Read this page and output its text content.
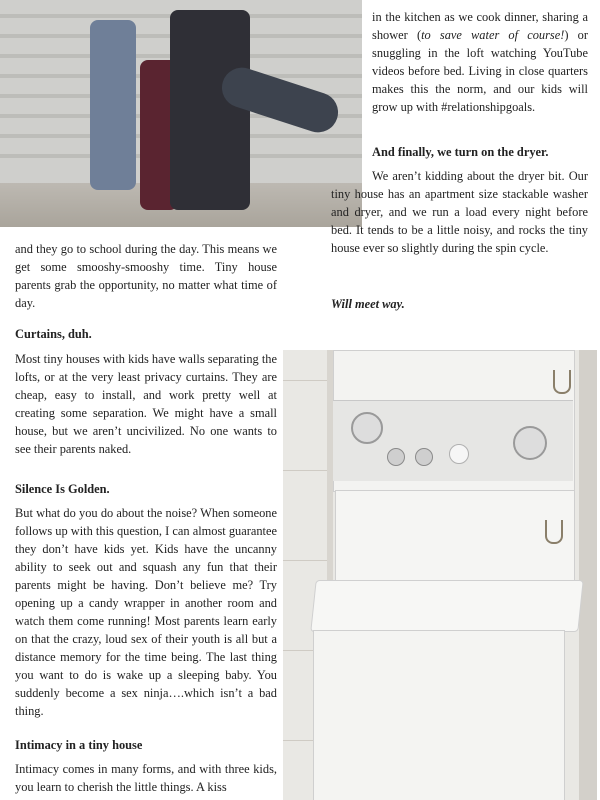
and they go to school during the day. This means we get some smooshy-smooshy time. Tiny house parents grab the opportunity, no matter what time of day.

Curtains, duh.

Most tiny houses with kids have walls separating the lofts, or at the very least privacy curtains. They are cheap, easy to install, and work pretty well at creating some separation. We might have a small house, but we aren’t uncivilized. No one wants to see their parents naked.

Silence Is Golden.

But what do you do about the noise? When someone follows up with this question, I can almost guarantee they don’t have kids yet. Kids have the uncanny ability to seek out and squash any fun that their parents might be having. Don’t believe me? Try opening up a candy wrapper in another room and watch them come running! Most parents learn early on that the crazy, loud sex of their youth is all but a distance memory for the time being. The last thing you want to do is wake up a sleeping baby. You suddenly become a sex ninja….which isn’t a bad thing.

Intimacy in a tiny house

Intimacy comes in many forms, and with three kids, you learn to cherish the little things. A kiss

in the kitchen as we cook dinner, sharing a shower (to save water of course!) or snuggling in the loft watching YouTube videos before bed. Living in close quarters makes this the norm, and our kids will grow up with #relationshipgoals.

And finally, we turn on the dryer.

We aren’t kidding about the dryer bit. Our tiny house has an apartment size stackable washer and dryer, and we run a load every night before bed. It tends to be a little noisy, and rocks the tiny house ever so slightly during the spin cycle.

Will meet way.
